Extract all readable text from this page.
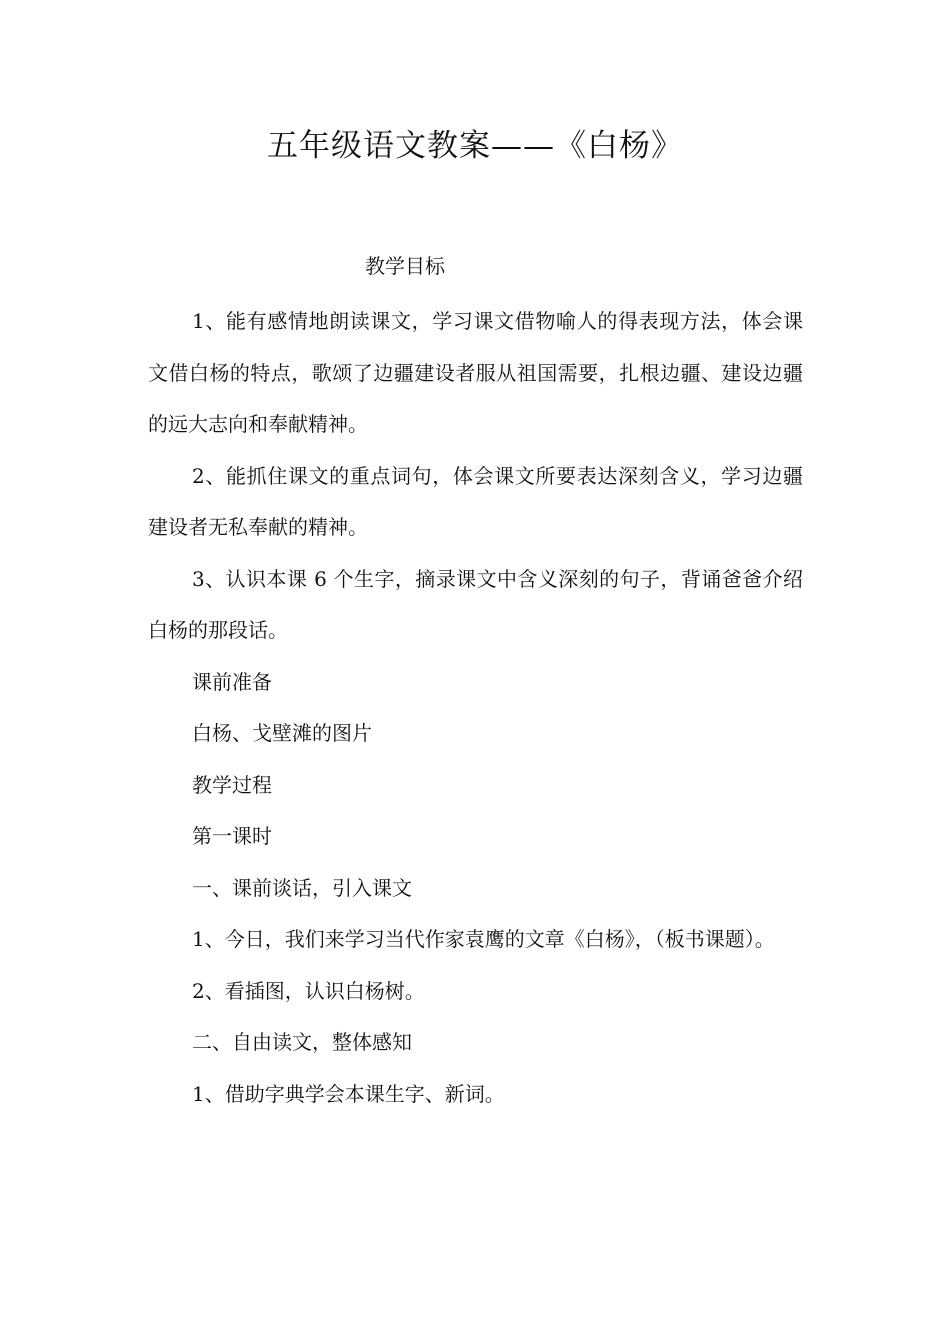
五年级语文教案——《白杨》
教学目标

1、能有感情地朗读课文，学习课文借物喻人的得表现方法，体会课文借白杨的特点，歌颂了边疆建设者服从祖国需要，扎根边疆、建设边疆的远大志向和奉献精神。

2、能抓住课文的重点词句，体会课文所要表达深刻含义，学习边疆建设者无私奉献的精神。

3、认识本课 6 个生字，摘录课文中含义深刻的句子，背诵爸爸介绍白杨的那段话。

课前准备

白杨、戈壁滩的图片

教学过程

第一课时

一、课前谈话，引入课文

1、今日，我们来学习当代作家袁鹰的文章《白杨》，（板书课题）。

2、看插图，认识白杨树。

二、自由读文，整体感知

1、借助字典学会本课生字、新词。
